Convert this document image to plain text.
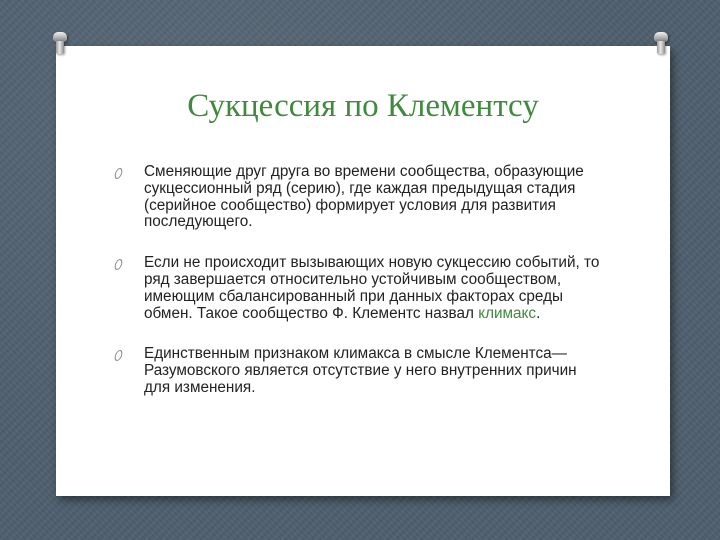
Сукцессия по Клементсу
Сменяющие друг друга во времени сообщества, образующие сукцессионный ряд (серию), где каждая предыдущая стадия (серийное сообщество) формирует условия для развития последующего.
Если не происходит вызывающих новую сукцессию событий, то ряд завершается относительно устойчивым сообществом, имеющим сбалансированный при данных факторах среды обмен. Такое сообщество Ф. Клементс назвал климакс.
Единственным признаком климакса в смысле Клементса—Разумовского является отсутствие у него внутренних причин для изменения.
